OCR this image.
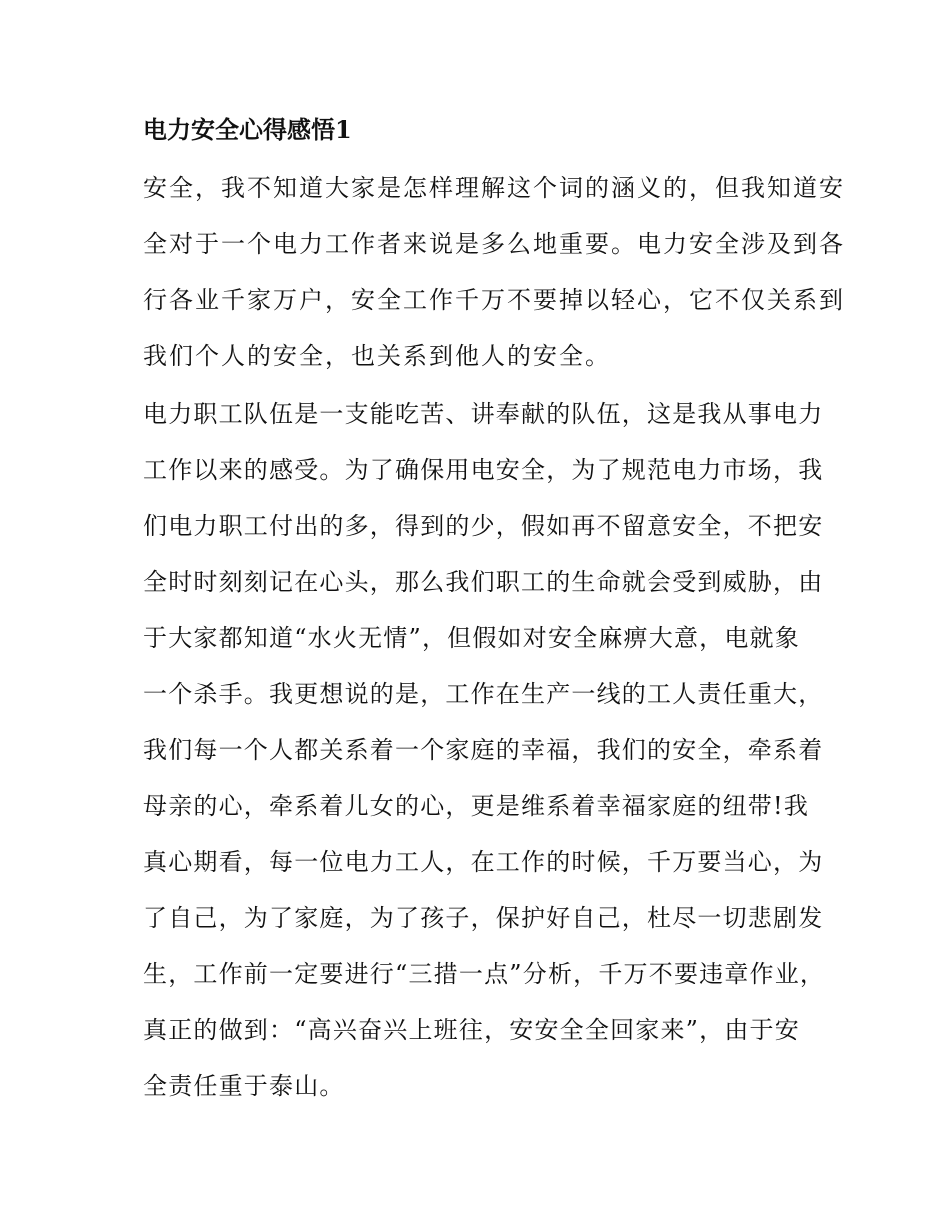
电力安全心得感悟1
安全，我不知道大家是怎样理解这个词的涵义的，但我知道安
全对于一个电力工作者来说是多么地重要。电力安全涉及到各
行各业千家万户，安全工作千万不要掉以轻心，它不仅关系到
我们个人的安全，也关系到他人的安全。
电力职工队伍是一支能吃苦、讲奉献的队伍，这是我从事电力
工作以来的感受。为了确保用电安全，为了规范电力市场，我
们电力职工付出的多，得到的少，假如再不留意安全，不把安
全时时刻刻记在心头，那么我们职工的生命就会受到威胁，由
于大家都知道“水火无情”，但假如对安全麻痹大意，电就象
一个杀手。我更想说的是，工作在生产一线的工人责任重大，
我们每一个人都关系着一个家庭的幸福，我们的安全，牵系着
母亲的心，牵系着儿女的心，更是维系着幸福家庭的纽带!我
真心期看，每一位电力工人，在工作的时候，千万要当心，为
了自己，为了家庭，为了孩子，保护好自己，杜尽一切悲剧发
生，工作前一定要进行“三措一点”分析，千万不要违章作业，
真正的做到：“高兴奋兴上班往，安安全全回家来”，由于安
全责任重于泰山。
